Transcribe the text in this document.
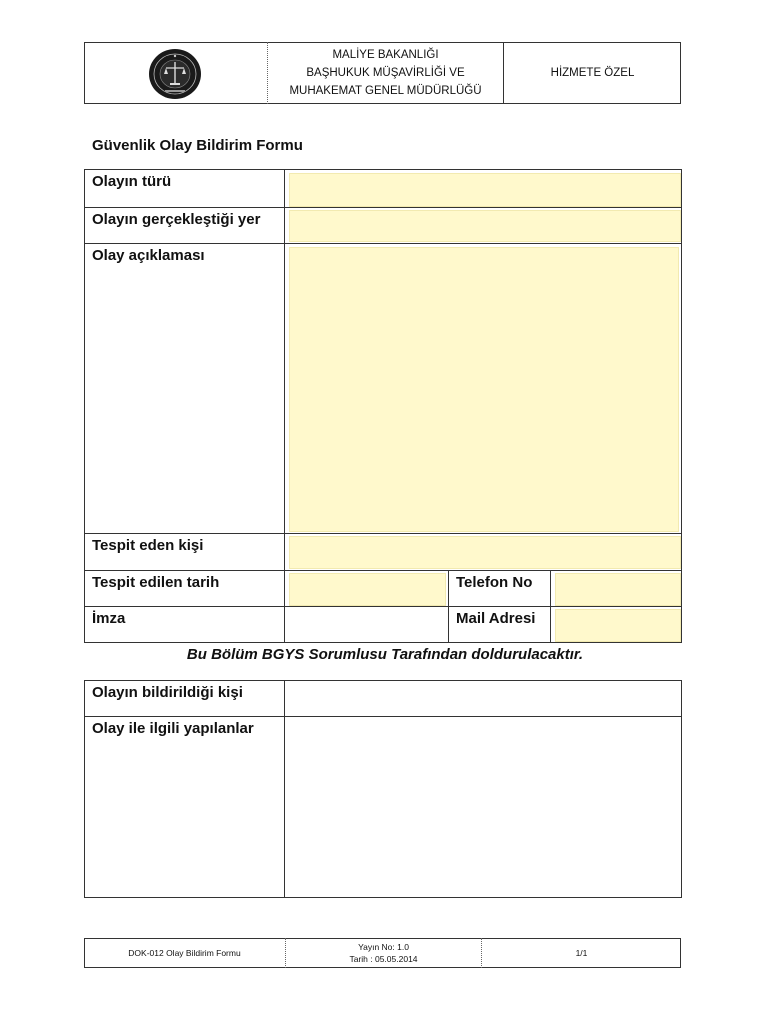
MALİYE BAKANLIĞI
BAŞHUKUK MÜŞAVİRLİĞİ VE
MUHAKEMAT GENEL MÜDÜRLÜĞÜ
HİZMETE ÖZEL
Güvenlik Olay Bildirim Formu
Olayın türü
Olayın gerçekleştiği yer
Olay açıklaması
Tespit eden kişi
Tespit edilen tarih	Telefon No
İmza	Mail Adresi
Bu Bölüm BGYS Sorumlusu Tarafından doldurulacaktır.
Olayın bildirildiği kişi
Olay ile ilgili yapılanlar
DOK-012 Olay Bildirim Formu
Yayın No: 1.0
Tarih : 05.05.2014
1/1
